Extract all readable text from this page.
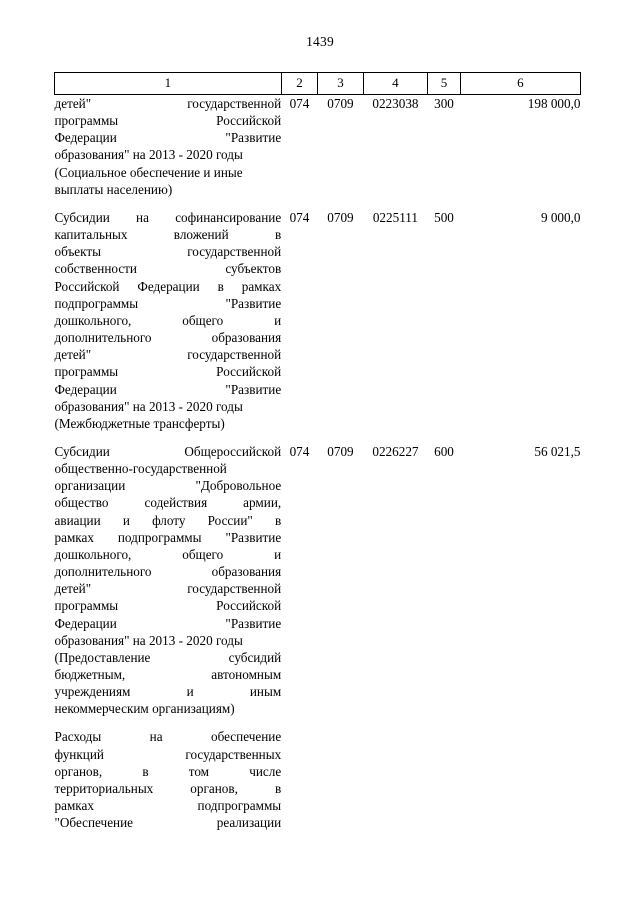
1439
1	2	3	4	5	6

детей" государственной

программы Российской

Федерации "Развитие

образования" на 2013 - 2020 годы

(Социальное обеспечение и иные

выплаты населению)

	074	0709	0223038	300	198 000,0

Субсидии на софинансирование

капитальных вложений в

объекты государственной

собственности субъектов

Российской Федерации в рамках

подпрограммы "Развитие

дошкольного, общего и

дополнительного образования

детей" государственной

программы Российской

Федерации "Развитие

образования" на 2013 - 2020 годы

(Межбюджетные трансферты)

	074	0709	0225111	500	9 000,0

Субсидии Общероссийской

общественно-государственной

организации "Добровольное

общество содействия армии,

авиации и флоту России" в

рамках подпрограммы "Развитие

дошкольного, общего и

дополнительного образования

детей" государственной

программы Российской

Федерации "Развитие

образования" на 2013 - 2020 годы

(Предоставление субсидий

бюджетным, автономным

учреждениям и иным

некоммерческим организациям)

	074	0709	0226227	600	56 021,5

Расходы на обеспечение

функций государственных

органов, в том числе

территориальных органов, в

рамках подпрограммы

"Обеспечение реализации
